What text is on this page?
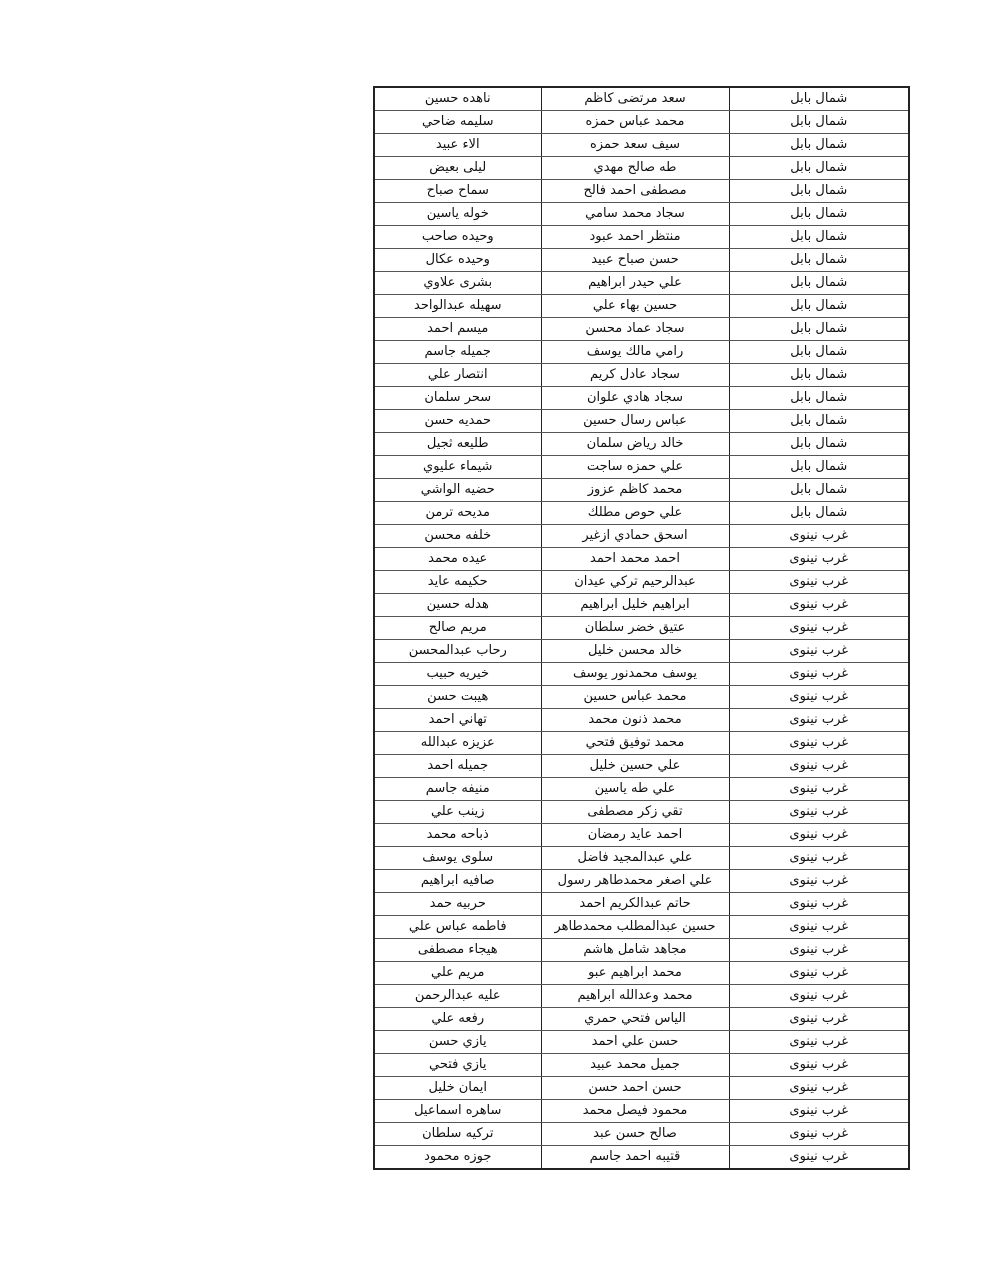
شمال بابل	سعد مرتضى كاظم	ناهده حسين
شمال بابل	محمد عباس حمزه	سليمه ضاحي
شمال بابل	سيف سعد حمزه	الاء عبيد
شمال بابل	طه صالح مهدي	ليلى بعيض
شمال بابل	مصطفى احمد فالح	سماح صباح
شمال بابل	سجاد محمد سامي	خوله ياسين
شمال بابل	منتظر احمد عبود	وحيده صاحب
شمال بابل	حسن صباح عبيد	وحيده عكال
شمال بابل	علي حيدر ابراهيم	بشرى علاوي
شمال بابل	حسين بهاء علي	سهيله عبدالواحد
شمال بابل	سجاد عماد محسن	ميسم احمد
شمال بابل	رامي مالك يوسف	جميله جاسم
شمال بابل	سجاد عادل كريم	انتصار علي
شمال بابل	سجاد هادي علوان	سحر سلمان
شمال بابل	عباس رسال حسين	حمديه حسن
شمال بابل	خالد رياض سلمان	طليعه ثجيل
شمال بابل	علي حمزه ساجت	شيماء عليوي
شمال بابل	محمد كاظم عزوز	حضيه الواشي
شمال بابل	علي حوص مطلك	مديحه ترمن
غرب نينوى	اسحق حمادي ازغير	خلفه محسن
غرب نينوى	احمد محمد احمد	عيده محمد
غرب نينوى	عبدالرحيم تركي عيدان	حكيمه عايد
غرب نينوى	ابراهيم خليل ابراهيم	هدله حسين
غرب نينوى	عتيق خضر سلطان	مريم صالح
غرب نينوى	خالد محسن خليل	رحاب عبدالمحسن
غرب نينوى	يوسف محمدنور يوسف	خيريه حبيب
غرب نينوى	محمد عباس حسين	هيبت حسن
غرب نينوى	محمد ذنون محمد	تهاني احمد
غرب نينوى	محمد توفيق فتحي	عزيزه عبدالله
غرب نينوى	علي حسين خليل	جميله احمد
غرب نينوى	علي طه ياسين	منيفه جاسم
غرب نينوى	تقي زكر مصطفى	زينب علي
غرب نينوى	احمد عايد رمضان	ذباحه محمد
غرب نينوى	علي عبدالمجيد فاضل	سلوى يوسف
غرب نينوى	علي اصغر محمدطاهر رسول	صافيه ابراهيم
غرب نينوى	حاتم عبدالكريم احمد	حربيه حمد
غرب نينوى	حسين عبدالمطلب محمدطاهر	فاطمه عباس علي
غرب نينوى	مجاهد شامل هاشم	هيجاء مصطفى
غرب نينوى	محمد ابراهيم عبو	مريم علي
غرب نينوى	محمد وعدالله ابراهيم	عليه عبدالرحمن
غرب نينوى	الياس فتحي حمري	رفعه علي
غرب نينوى	حسن علي احمد	يازي حسن
غرب نينوى	جميل محمد عبيد	يازي فتحي
غرب نينوى	حسن احمد حسن	ايمان خليل
غرب نينوى	محمود فيصل محمد	ساهره اسماعيل
غرب نينوى	صالح حسن عبد	تركيه سلطان
غرب نينوى	قتيبه احمد جاسم	جوزه محمود
